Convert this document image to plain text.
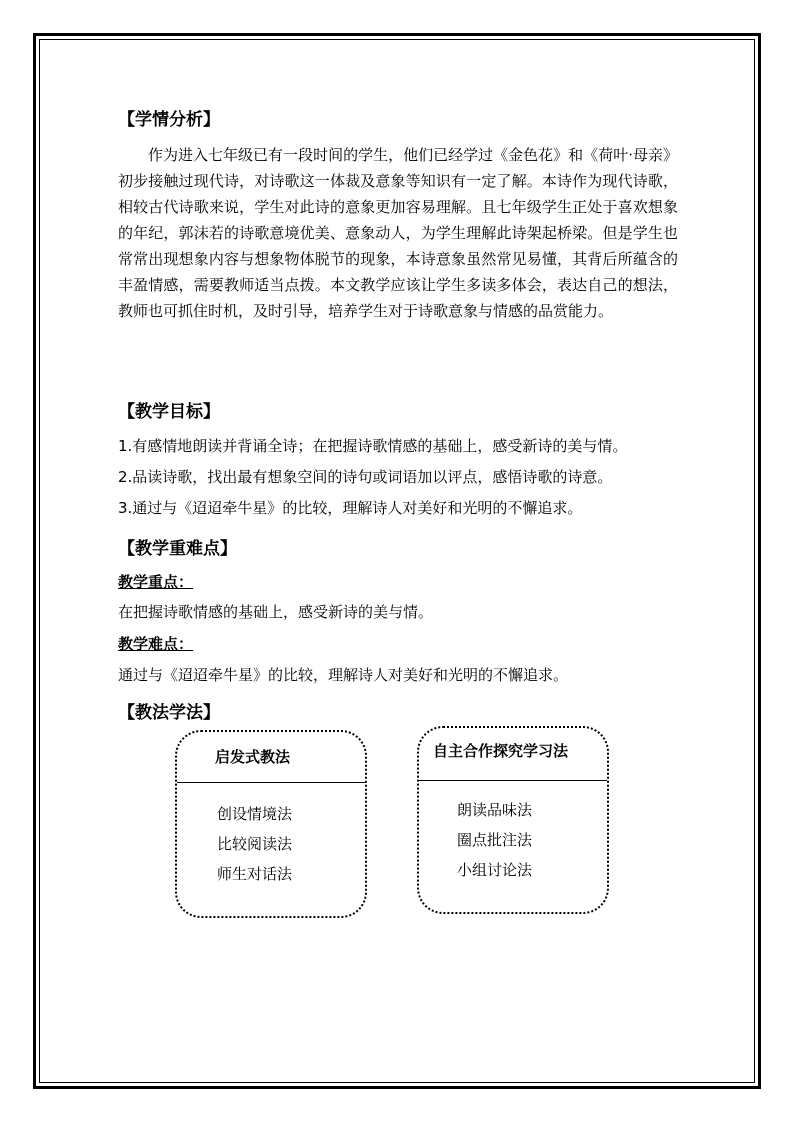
【学情分析】

作为进入七年级已有一段时间的学生，他们已经学过《金色花》和《荷叶·母亲》初步接触过现代诗，对诗歌这一体裁及意象等知识有一定了解。本诗作为现代诗歌，相较古代诗歌来说，学生对此诗的意象更加容易理解。且七年级学生正处于喜欢想象的年纪，郭沫若的诗歌意境优美、意象动人，为学生理解此诗架起桥梁。但是学生也常常出现想象内容与想象物体脱节的现象，本诗意象虽然常见易懂，其背后所蕴含的丰盈情感，需要教师适当点拨。本文教学应该让学生多读多体会，表达自己的想法，教师也可抓住时机，及时引导，培养学生对于诗歌意象与情感的品赏能力。

【教学目标】
1.有感情地朗读并背诵全诗；在把握诗歌情感的基础上，感受新诗的美与情。
2.品读诗歌，找出最有想象空间的诗句或词语加以评点，感悟诗歌的诗意。
3.通过与《迢迢牵牛星》的比较，理解诗人对美好和光明的不懈追求。
【教学重难点】
教学重点：
在把握诗歌情感的基础上，感受新诗的美与情。
教学难点：
通过与《迢迢牵牛星》的比较，理解诗人对美好和光明的不懈追求。
【教法学法】
启发式教法
创设情境法
比较阅读法
师生对话法
自主合作探究学习法
朗读品味法
圈点批注法
小组讨论法
